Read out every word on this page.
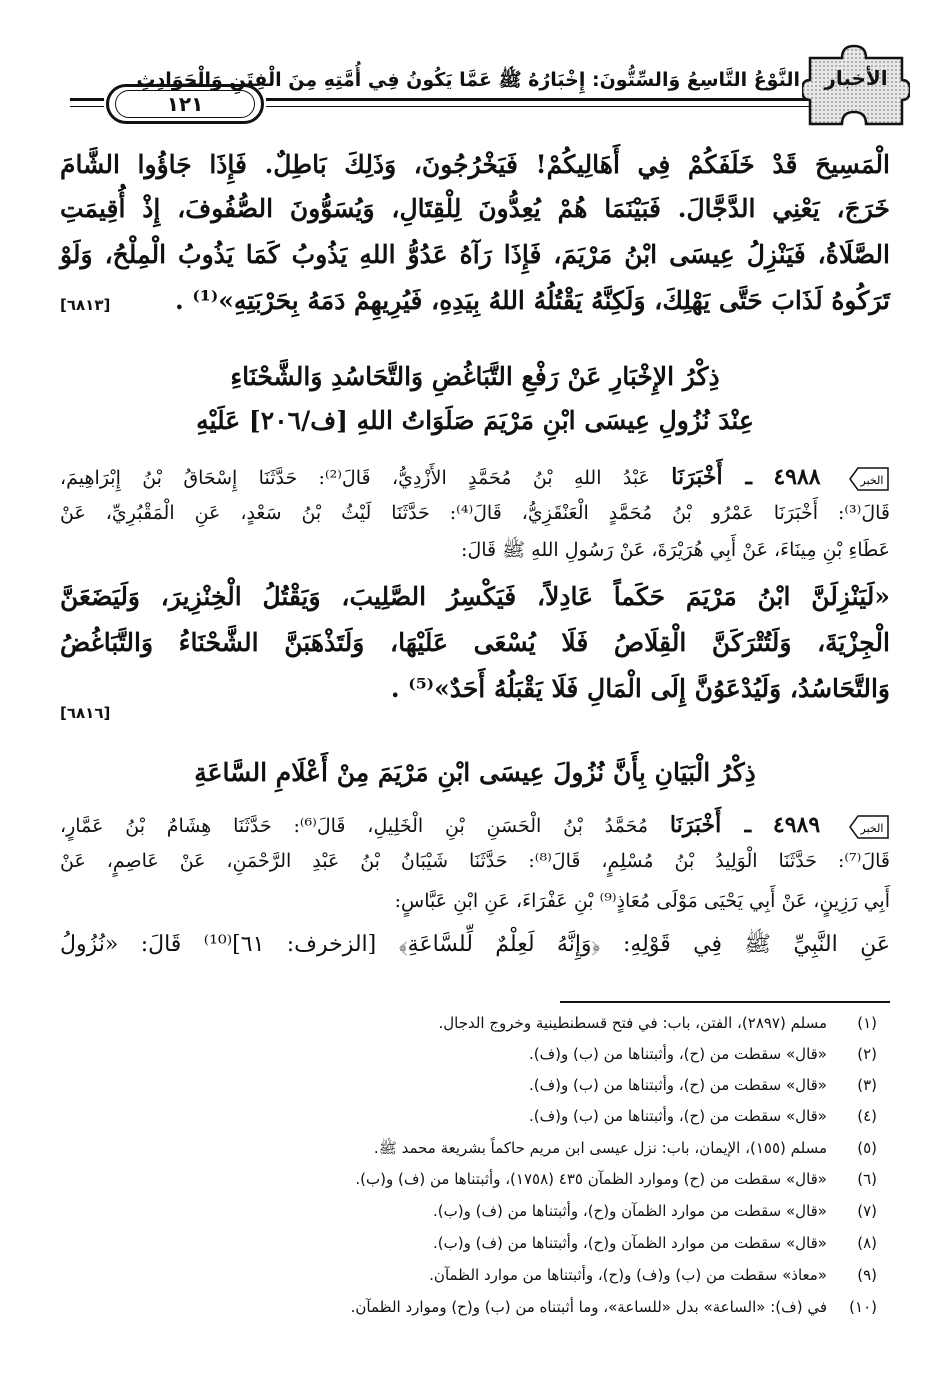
١٢١
النَّوْعُ التَّاسِعُ وَالسِّتُّونَ: إِخْبَارُهُ ﷺ عَمَّا يَكُونُ فِي أُمَّتِهِ مِنَ الْفِتَنِ وَالْحَوَادِثِ	الأخبار
الْمَسِيحَ قَدْ خَلَفَكُمْ فِي أَهَالِيكُمْ! فَيَخْرُجُونَ، وَذَلِكَ بَاطِلٌ. فَإِذَا جَاؤُوا الشَّامَ
خَرَجَ، يَعْنِي الدَّجَّالَ. فَبَيْنَمَا هُمْ يُعِدُّونَ لِلْقِتَالِ، وَيُسَوُّونَ الصُّفُوفَ، إِذْ أُقِيمَتِ
الصَّلَاةُ، فَيَنْزِلُ عِيسَى ابْنُ مَرْيَمَ، فَإِذَا رَآهُ عَدُوُّ اللهِ يَذُوبُ كَمَا يَذُوبُ الْمِلْحُ، وَلَوْ
تَرَكُوهُ لَذَابَ حَتَّى يَهْلِكَ، وَلَكِنَّهُ يَقْتُلُهُ اللهُ بِيَدِهِ، فَيُرِيهِمْ دَمَهُ بِحَرْبَتِهِ»⁽¹⁾ .
[٦٨١٣]
ذِكْرُ الإِخْبَارِ عَنْ رَفْعِ التَّبَاغُضِ وَالتَّحَاسُدِ وَالشَّحْنَاءِ
عِنْدَ نُزُولِ عِيسَى ابْنِ مَرْيَمَ صَلَوَاتُ اللهِ [ف/٢٠٦] عَلَيْهِ
الخبر
٤٩٨٨ ـ أَخْبَرَنَا عَبْدُ اللهِ بْنُ مُحَمَّدٍ الأَزْدِيُّ، قَالَ⁽²⁾: حَدَّثَنَا إِسْحَاقُ بْنُ إِبْرَاهِيمَ،
قَالَ⁽³⁾: أَخْبَرَنَا عَمْرُو بْنُ مُحَمَّدٍ الْعَنْقَزِيُّ، قَالَ⁽⁴⁾: حَدَّثَنَا لَيْثُ بْنُ سَعْدٍ، عَنِ الْمَقْبُرِيِّ، عَنْ
عَطَاءِ بْنِ مِينَاءَ، عَنْ أَبِي هُرَيْرَةَ، عَنْ رَسُولِ اللهِ ﷺ قَالَ:
«لَيَنْزِلَنَّ ابْنُ مَرْيَمَ حَكَماً عَادِلاً، فَيَكْسِرُ الصَّلِيبَ، وَيَقْتُلُ الْخِنْزِيرَ، وَلَيَضَعَنَّ
الْجِزْيَةَ، وَلَتُتْرَكَنَّ الْقِلَاصُ فَلَا يُسْعَى عَلَيْهَا، وَلَتَذْهَبَنَّ الشَّحْنَاءُ وَالتَّبَاغُضُ
وَالتَّحَاسُدُ، وَلَيُدْعَوُنَّ إِلَى الْمَالِ فَلَا يَقْبَلُهُ أَحَدٌ»⁽⁵⁾ .
[٦٨١٦]
ذِكْرُ الْبَيَانِ بِأَنَّ نُزُولَ عِيسَى ابْنِ مَرْيَمَ مِنْ أَعْلَامِ السَّاعَةِ
الخبر
٤٩٨٩ ـ أَخْبَرَنَا مُحَمَّدُ بْنُ الْحَسَنِ بْنِ الْخَلِيلِ، قَالَ⁽⁶⁾: حَدَّثَنَا هِشَامُ بْنُ عَمَّارٍ،
قَالَ⁽⁷⁾: حَدَّثَنَا الْوَلِيدُ بْنُ مُسْلِمٍ، قَالَ⁽⁸⁾: حَدَّثَنَا شَيْبَانُ بْنُ عَبْدِ الرَّحْمَنِ، عَنْ عَاصِمٍ، عَنْ
أَبِي رَزِينٍ، عَنْ أَبِي يَحْيَى مَوْلَى مُعَاذٍ⁽⁹⁾ بْنِ عَفْرَاءَ، عَنِ ابْنِ عَبَّاسٍ:
عَنِ النَّبِيِّ ﷺ فِي قَوْلِهِ: ﴿وَإِنَّهُ لَعِلْمٌ لِّلسَّاعَةِ﴾ [الزخرف: ٦١]⁽¹⁰⁾ قَالَ: «نُزُولُ
(١)مسلم (٢٨٩٧)، الفتن، باب: في فتح قسطنطينية وخروج الدجال.
(٢)«قال» سقطت من (ح)، وأثبتناها من (ب) و(ف).
(٣)«قال» سقطت من (ح)، وأثبتناها من (ب) و(ف).
(٤)«قال» سقطت من (ح)، وأثبتناها من (ب) و(ف).
(٥)مسلم (١٥٥)، الإيمان، باب: نزل عيسى ابن مريم حاكماً بشريعة محمد ﷺ.
(٦)«قال» سقطت من (ح) وموارد الظمآن ٤٣٥ (١٧٥٨)، وأثبتناها من (ف) و(ب).
(٧)«قال» سقطت من موارد الظمآن و(ح)، وأثبتناها من (ف) و(ب).
(٨)«قال» سقطت من موارد الظمآن و(ح)، وأثبتناها من (ف) و(ب).
(٩)«معاذ» سقطت من (ب) و(ف) و(ح)، وأثبتناها من موارد الظمآن.
(١٠)في (ف): «الساعة» بدل «للساعة»، وما أثبتناه من (ب) و(ح) وموارد الظمآن.
